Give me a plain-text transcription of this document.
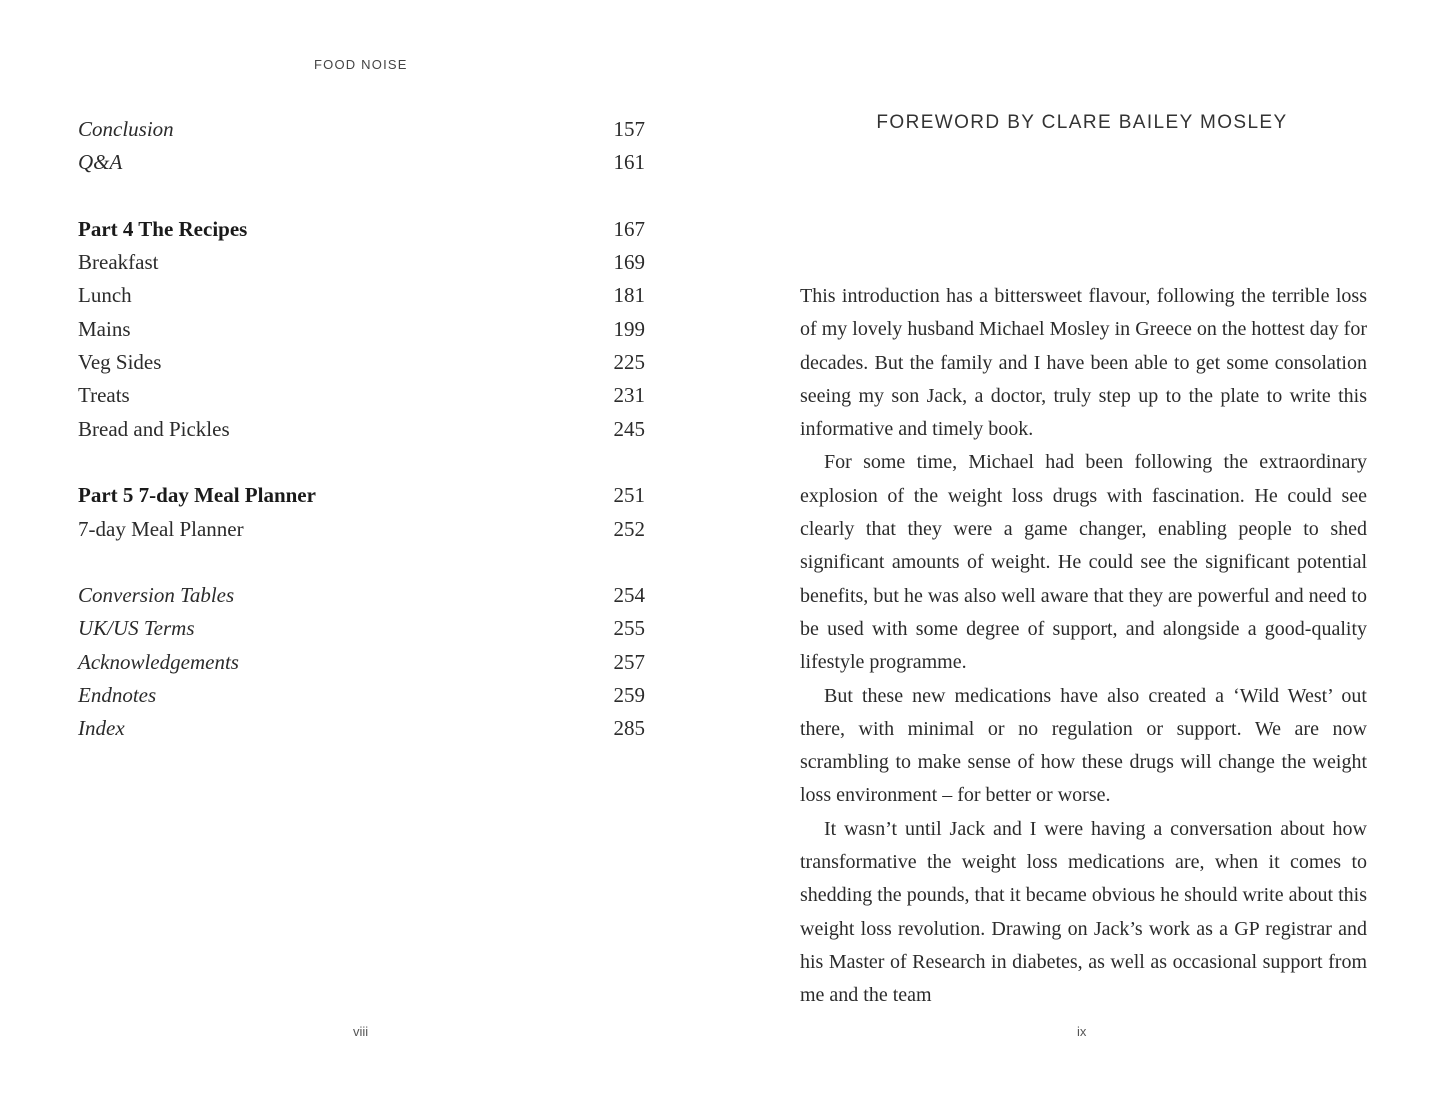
FOOD NOISE
Conclusion	157
Q&A	161
Part 4 The Recipes	167
Breakfast	169
Lunch	181
Mains	199
Veg Sides	225
Treats	231
Bread and Pickles	245
Part 5 7-day Meal Planner	251
7-day Meal Planner	252
Conversion Tables	254
UK/US Terms	255
Acknowledgements	257
Endnotes	259
Index	285
viii
FOREWORD BY CLARE BAILEY MOSLEY

This introduction has a bittersweet flavour, following the terrible loss of my lovely husband Michael Mosley in Greece on the hottest day for decades. But the family and I have been able to get some consolation seeing my son Jack, a doctor, truly step up to the plate to write this informative and timely book.

For some time, Michael had been following the extraordinary explosion of the weight loss drugs with fascination. He could see clearly that they were a game changer, enabling people to shed significant amounts of weight. He could see the significant potential benefits, but he was also well aware that they are powerful and need to be used with some degree of support, and alongside a good-quality lifestyle programme.

But these new medications have also created a ‘Wild West’ out there, with minimal or no regulation or support. We are now scrambling to make sense of how these drugs will change the weight loss environment – for better or worse.

It wasn’t until Jack and I were having a conversation about how transformative the weight loss medications are, when it comes to shedding the pounds, that it became obvious he should write about this weight loss revolution. Drawing on Jack’s work as a GP registrar and his Master of Research in diabetes, as well as occasional support from me and the team

ix
